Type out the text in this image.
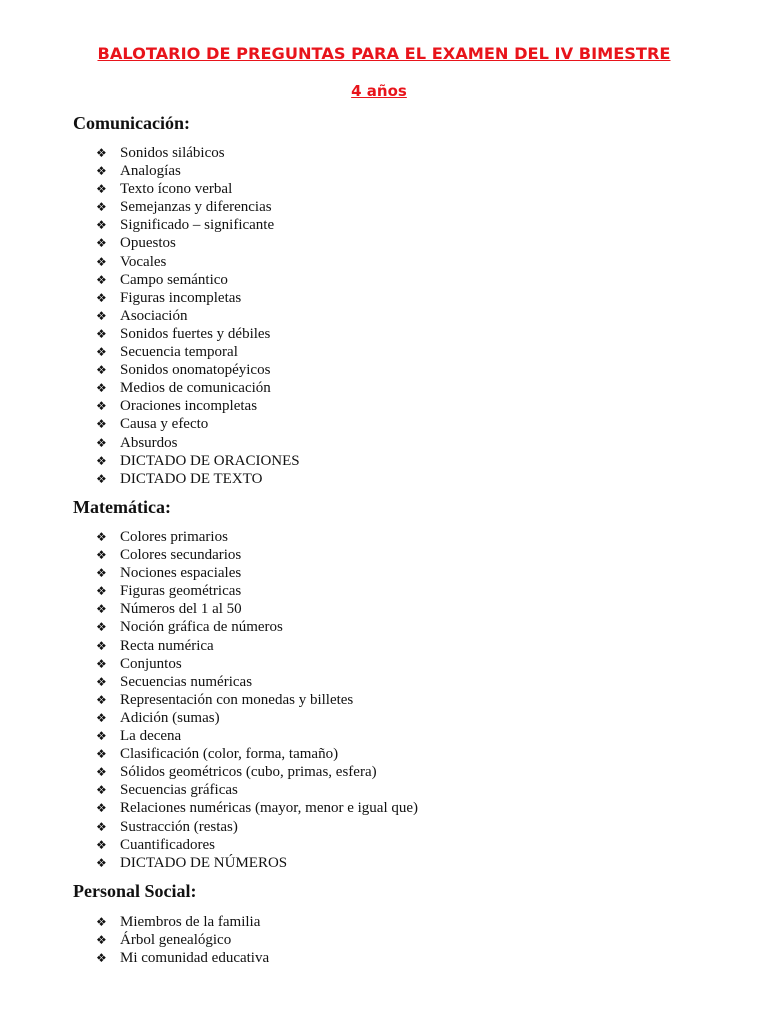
BALOTARIO DE PREGUNTAS PARA EL EXAMEN DEL IV BIMESTRE
4 años
Comunicación:
❖ Sonidos silábicos
❖ Analogías
❖ Texto ícono verbal
❖ Semejanzas y diferencias
❖ Significado – significante
❖ Opuestos
❖ Vocales
❖ Campo semántico
❖ Figuras incompletas
❖ Asociación
❖ Sonidos fuertes y débiles
❖ Secuencia temporal
❖ Sonidos onomatopéyicos
❖ Medios de comunicación
❖ Oraciones incompletas
❖ Causa y efecto
❖ Absurdos
❖ DICTADO DE ORACIONES
❖ DICTADO DE TEXTO
Matemática:
❖ Colores primarios
❖ Colores secundarios
❖ Nociones espaciales
❖ Figuras geométricas
❖ Números del 1 al 50
❖ Noción gráfica de números
❖ Recta numérica
❖ Conjuntos
❖ Secuencias numéricas
❖ Representación con monedas y billetes
❖ Adición (sumas)
❖ La decena
❖ Clasificación (color, forma, tamaño)
❖ Sólidos geométricos (cubo, primas, esfera)
❖ Secuencias gráficas
❖ Relaciones numéricas (mayor, menor e igual que)
❖ Sustracción (restas)
❖ Cuantificadores
❖ DICTADO DE NÚMEROS
Personal Social:
❖ Miembros de la familia
❖ Árbol genealógico
❖ Mi comunidad educativa
